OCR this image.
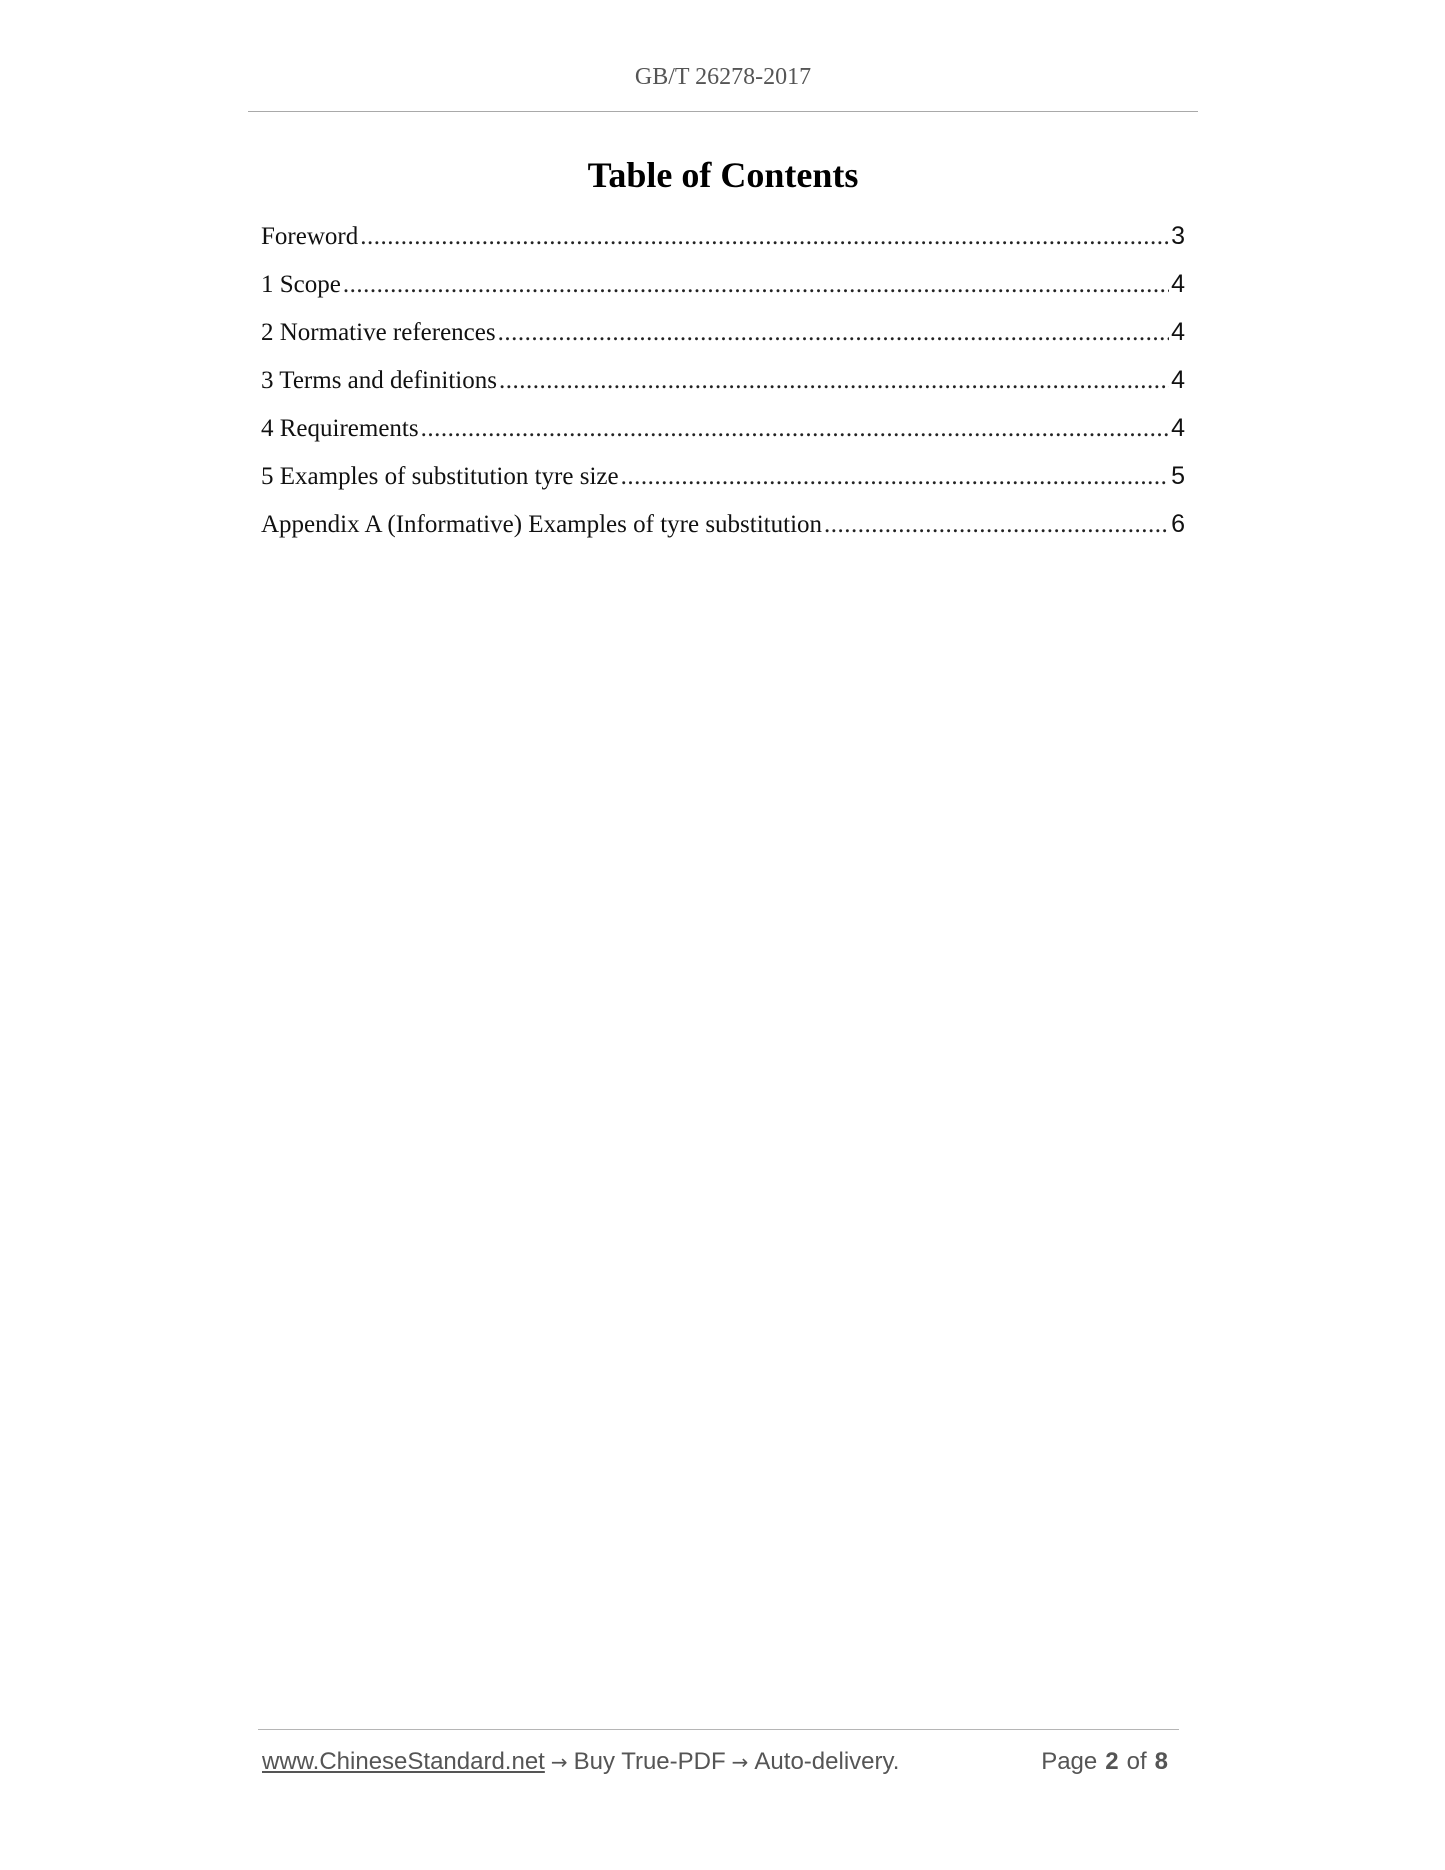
GB/T 26278-2017
Table of Contents
Foreword .....	3
1 Scope .....	4
2 Normative references .....	4
3 Terms and definitions .....	4
4 Requirements .....	4
5 Examples of substitution tyre size .....	5
Appendix A (Informative) Examples of tyre substitution .....	6
www.ChineseStandard.net → Buy True-PDF → Auto-delivery.	Page 2 of 8
